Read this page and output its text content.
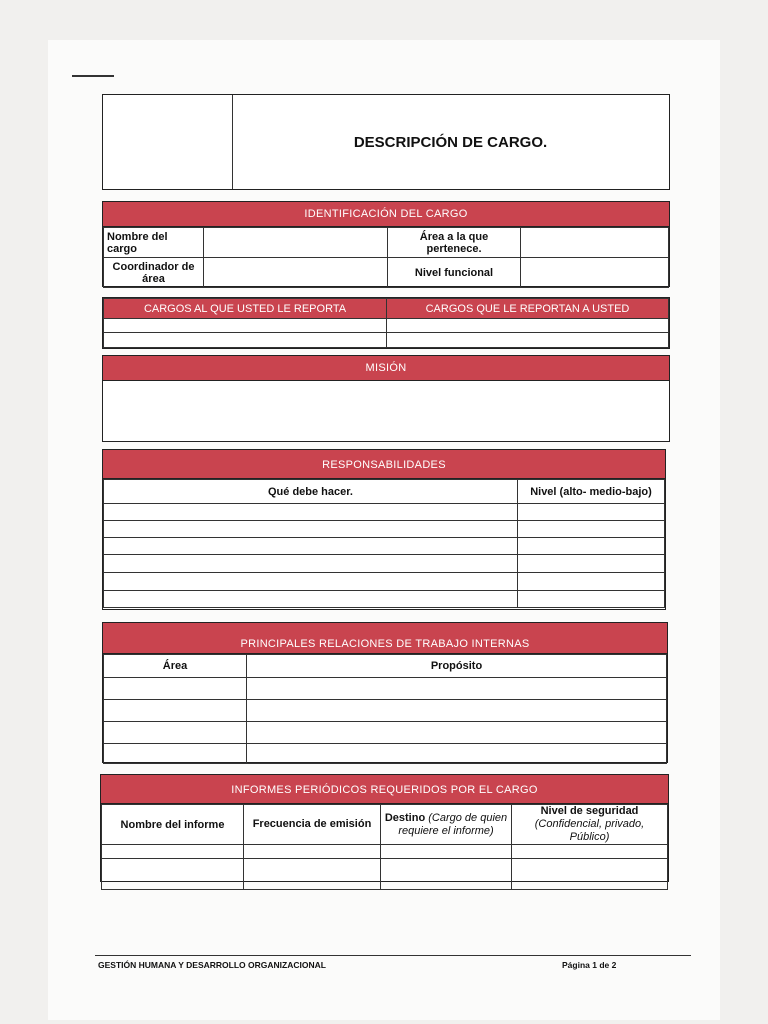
DESCRIPCIÓN DE CARGO.
IDENTIFICACIÓN DEL CARGO
Nombre del cargo		Área a la que pertenece.	
Coordinador de área		Nivel funcional	
CARGOS AL QUE USTED LE REPORTA	CARGOS QUE LE REPORTAN A USTED

MISIÓN
RESPONSABILIDADES
Qué debe hacer.	Nivel (alto- medio-bajo)

PRINCIPALES RELACIONES DE TRABAJO INTERNAS
Área	Propósito

INFORMES PERIÓDICOS REQUERIDOS POR EL CARGO
Nombre del informe	Frecuencia de emisión	Destino (Cargo de quien requiere el informe)	Nivel de seguridad
(Confidencial, privado, Público)

GESTIÓN HUMANA Y DESARROLLO ORGANIZACIONAL	Página 1 de 2
